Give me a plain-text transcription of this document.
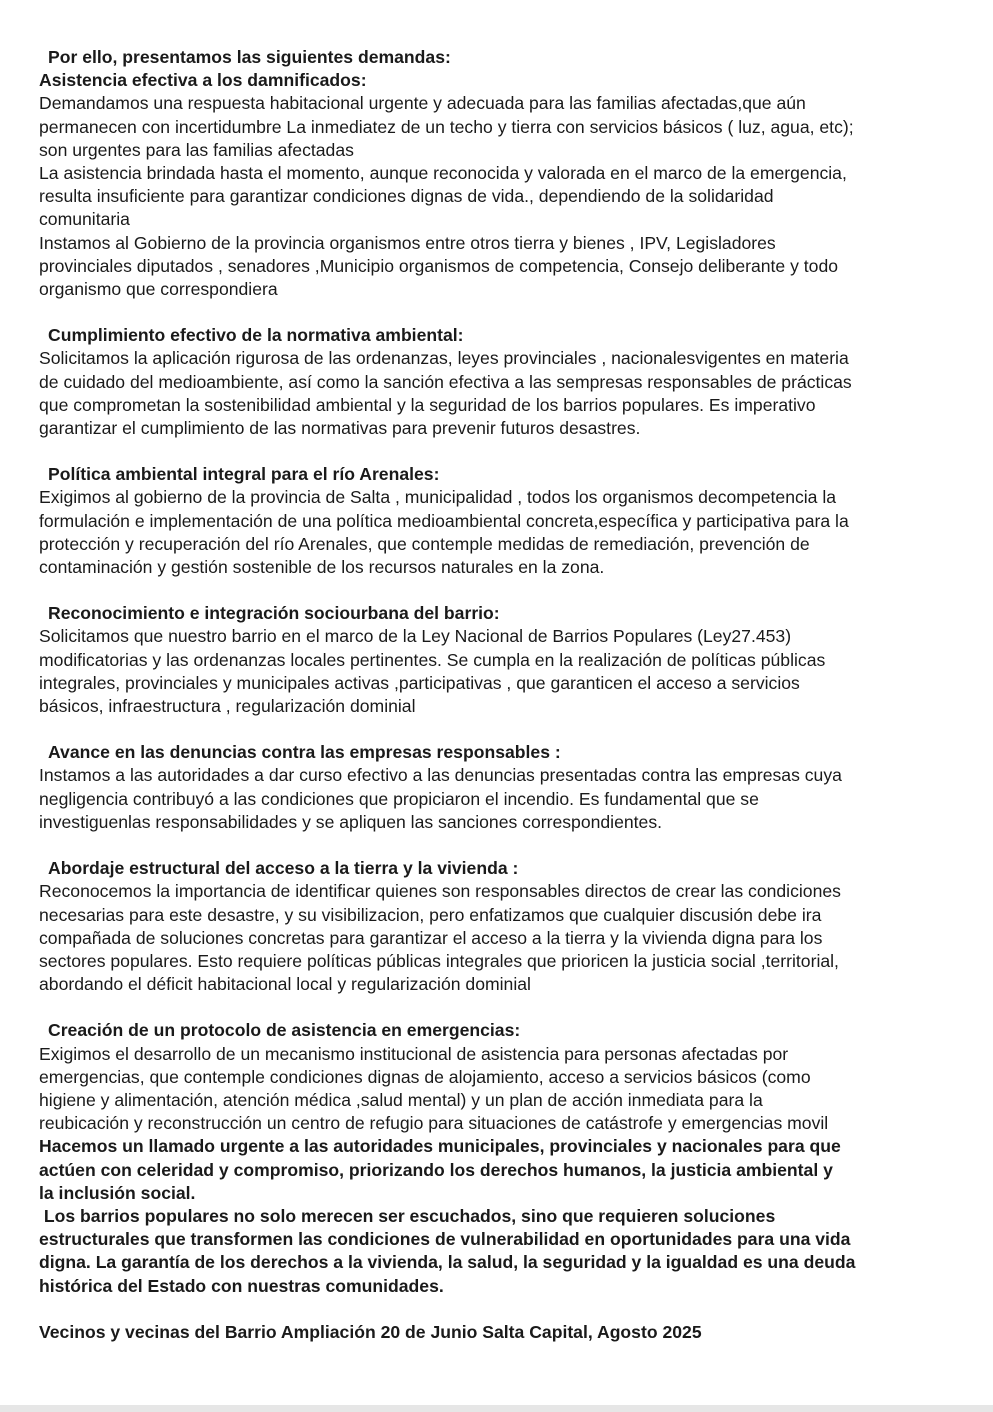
Por ello, presentamos las siguientes demandas:
Asistencia efectiva a los damnificados:
Demandamos una respuesta habitacional urgente y adecuada para las familias afectadas,que aún
permanecen con incertidumbre La inmediatez de un techo y tierra con servicios básicos ( luz, agua, etc);
son urgentes para las familias afectadas
La asistencia brindada hasta el momento, aunque reconocida y valorada en el marco de la emergencia,
resulta insuficiente para garantizar condiciones dignas de vida., dependiendo de la solidaridad
comunitaria
Instamos al Gobierno de la provincia organismos entre otros tierra y bienes , IPV, Legisladores
provinciales diputados , senadores ,Municipio organismos de competencia, Consejo deliberante y todo
organismo que correspondiera
Cumplimiento efectivo de la normativa ambiental:
Solicitamos la aplicación rigurosa de las ordenanzas, leyes provinciales , nacionalesvigentes en materia
de cuidado del medioambiente, así como la sanción efectiva a las sempresas responsables de prácticas
que comprometan la sostenibilidad ambiental y la seguridad de los barrios populares. Es imperativo
garantizar el cumplimiento de las normativas para prevenir futuros desastres.
Política ambiental integral para el río Arenales:
Exigimos al gobierno de la provincia de Salta , municipalidad , todos los organismos decompetencia la
formulación e implementación de una política medioambiental concreta,específica y participativa para la
protección y recuperación del río Arenales, que contemple medidas de remediación, prevención de
contaminación y gestión sostenible de los recursos naturales en la zona.
Reconocimiento e integración sociourbana del barrio:
Solicitamos que nuestro barrio en el marco de la Ley Nacional de Barrios Populares (Ley27.453)
modificatorias y las ordenanzas locales pertinentes. Se cumpla en la realización de políticas públicas
integrales, provinciales y municipales activas ,participativas , que garanticen el acceso a servicios
básicos, infraestructura , regularización dominial
Avance en las denuncias contra las empresas responsables :
Instamos a las autoridades a dar curso efectivo a las denuncias presentadas contra las empresas cuya
negligencia contribuyó a las condiciones que propiciaron el incendio. Es fundamental que se
investiguenlas responsabilidades y se apliquen las sanciones correspondientes.
Abordaje estructural del acceso a la tierra y la vivienda :
Reconocemos la importancia de identificar quienes son responsables directos de crear las condiciones
necesarias para este desastre, y su visibilizacion, pero enfatizamos que cualquier discusión debe ira
compañada de soluciones concretas para garantizar el acceso a la tierra y la vivienda digna para los
sectores populares. Esto requiere políticas públicas integrales que prioricen la justicia social ,territorial,
abordando el déficit habitacional local y regularización dominial
Creación de un protocolo de asistencia en emergencias:
Exigimos el desarrollo de un mecanismo institucional de asistencia para personas afectadas por
emergencias, que contemple condiciones dignas de alojamiento, acceso a servicios básicos (como
higiene y alimentación, atención médica ,salud mental) y un plan de acción inmediata para la
reubicación y reconstrucción un centro de refugio para situaciones de catástrofe y emergencias movil
Hacemos un llamado urgente a las autoridades municipales, provinciales y nacionales para que
actúen con celeridad y compromiso, priorizando los derechos humanos, la justicia ambiental y
la inclusión social.
Los barrios populares no solo merecen ser escuchados, sino que requieren soluciones
estructurales que transformen las condiciones de vulnerabilidad en oportunidades para una vida
digna. La garantía de los derechos a la vivienda, la salud, la seguridad y la igualdad es una deuda
histórica del Estado con nuestras comunidades.
Vecinos y vecinas del Barrio Ampliación 20 de Junio Salta Capital, Agosto 2025
